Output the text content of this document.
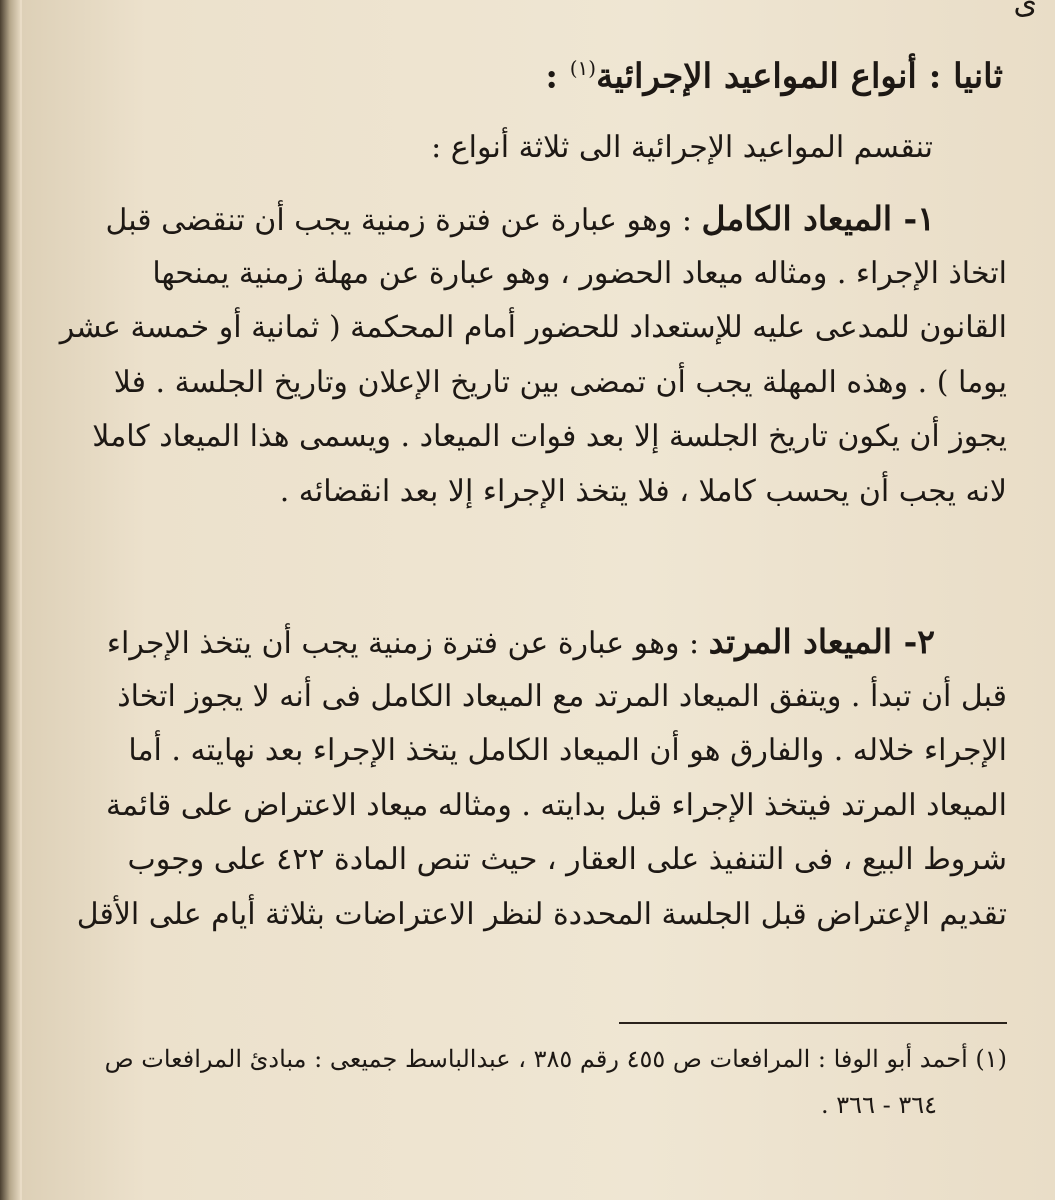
ى
ثانيا : أنواع المواعيد الإجرائية$^{(١)}$ :
تنقسم المواعيد الإجرائية الى ثلاثة أنواع :
١- الميعاد الكامل : وهو عبارة عن فترة زمنية يجب أن تنقضى قبل
اتخاذ الإجراء . ومثاله ميعاد الحضور ، وهو عبارة عن مهلة زمنية يمنحها
القانون للمدعى عليه للإستعداد للحضور أمام المحكمة ( ثمانية أو خمسة عشر
يوما ) . وهذه المهلة يجب أن تمضى بين تاريخ الإعلان وتاريخ الجلسة . فلا
يجوز أن يكون تاريخ الجلسة إلا بعد فوات الميعاد . ويسمى هذا الميعاد كاملا
لانه يجب أن يحسب كاملا ، فلا يتخذ الإجراء إلا بعد انقضائه .
٢- الميعاد المرتد : وهو عبارة عن فترة زمنية يجب أن يتخذ الإجراء
قبل أن تبدأ . ويتفق الميعاد المرتد مع الميعاد الكامل فى أنه لا يجوز اتخاذ
الإجراء خلاله . والفارق هو أن الميعاد الكامل يتخذ الإجراء بعد نهايته . أما
الميعاد المرتد فيتخذ الإجراء قبل بدايته . ومثاله ميعاد الاعتراض على قائمة
شروط البيع ، فى التنفيذ على العقار ، حيث تنص المادة ٤٢٢ على وجوب
تقديم الإعتراض قبل الجلسة المحددة لنظر الاعتراضات بثلاثة أيام على الأقل
(١) أحمد أبو الوفا : المرافعات ص ٤٥٥ رقم ٣٨٥ ، عبدالباسط جميعى : مبادئ المرافعات ص
٣٦٤ - ٣٦٦ .
